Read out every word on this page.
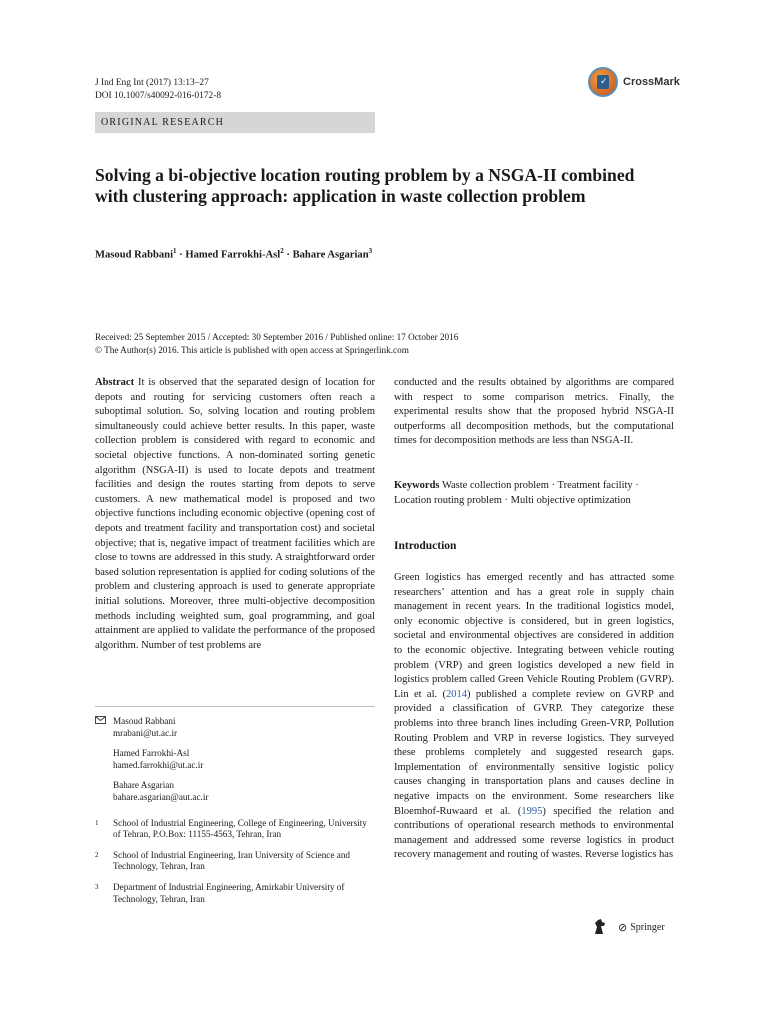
J Ind Eng Int (2017) 13:13–27
DOI 10.1007/s40092-016-0172-8
✓ CrossMark
ORIGINAL RESEARCH
Solving a bi-objective location routing problem by a NSGA-II combined with clustering approach: application in waste collection problem
Masoud Rabbani$^1$ · Hamed Farrokhi-Asl$^2$ · Bahare Asgarian$^3$
Received: 25 September 2015 / Accepted: 30 September 2016 / Published online: 17 October 2016
© The Author(s) 2016. This article is published with open access at Springerlink.com
Abstract It is observed that the separated design of location for depots and routing for servicing customers often reach a suboptimal solution. So, solving location and routing problem simultaneously could achieve better results. In this paper, waste collection problem is considered with regard to economic and societal objective functions. A non-dominated sorting genetic algorithm (NSGA-II) is used to locate depots and treatment facilities and design the routes starting from depots to serve customers. A new mathematical model is proposed and two objective functions including economic objective (opening cost of depots and treatment facility and transportation cost) and societal objective; that is, negative impact of treatment facilities which are close to towns are addressed in this study. A straightforward order based solution representation is applied for coding solutions of the problem and clustering approach is used to generate appropriate initial solutions. Moreover, three multi-objective decomposition methods including weighted sum, goal programming, and goal attainment are applied to validate the performance of the proposed algorithm. Number of test problems are
conducted and the results obtained by algorithms are compared with respect to some comparison metrics. Finally, the experimental results show that the proposed hybrid NSGA-II outperforms all decomposition methods, but the computational times for decomposition methods are less than NSGA-II.
Keywords Waste collection problem · Treatment facility · Location routing problem · Multi objective optimization
Introduction
Green logistics has emerged recently and has attracted some researchers’ attention and has a great role in supply chain management in recent years. In the traditional logistics model, only economic objective is considered, but in green logistics, societal and environmental objectives are considered in addition to the economic objective. Integrating between vehicle routing problem (VRP) and green logistics developed a new field in logistics problem called Green Vehicle Routing Problem (GVRP). Lin et al. (2014) published a complete review on GVRP and provided a classification of GVRP. They categorize these problems into three branch lines including Green-VRP, Pollution Routing Problem and VRP in reverse logistics. They surveyed these problems completely and suggested research gaps. Implementation of environmentally sensitive logistic policy causes changing in transportation plans and causes decline in negative impacts on the environment. Some researchers like Bloemhof-Ruwaard et al. (1995) specified the relation and contributions of operational research methods to environmental management and addressed some reverse logistics in product recovery management and routing of wastes. Reverse logistics has
Masoud Rabbani
mrabani@ut.ac.ir
Hamed Farrokhi-Asl
hamed.farrokhi@ut.ac.ir
Bahare Asgarian
bahare.asgarian@aut.ac.ir
1	School of Industrial Engineering, College of Engineering, University of Tehran, P.O.Box: 11155-4563, Tehran, Iran
2	School of Industrial Engineering, Iran University of Science and Technology, Tehran, Iran
3	Department of Industrial Engineering, Amirkabir University of Technology, Tehran, Iran
⊘ Springer
